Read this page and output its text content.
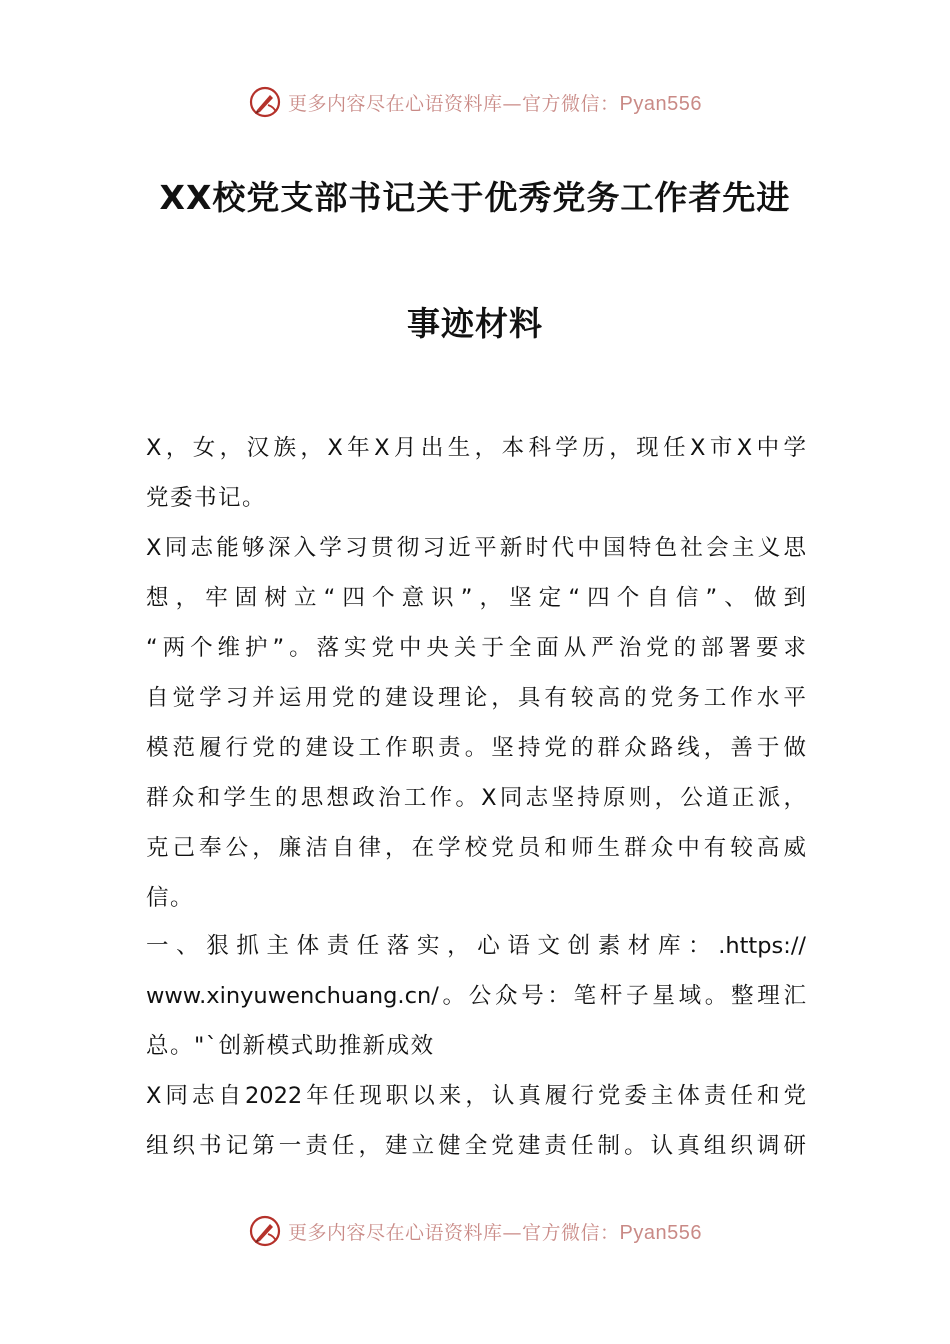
更多内容尽在心语资料库—官方微信：Pyan556
XX校党支部书记关于优秀党务工作者先进
事迹材料
X，女，汉族，X年X月出生，本科学历，现任X市X中学
党委书记。
X同志能够深入学习贯彻习近平新时代中国特色社会主义思
想，牢固树立“四个意识”，坚定“四个自信”、做到
“两个维护”。落实党中央关于全面从严治党的部署要求
自觉学习并运用党的建设理论，具有较高的党务工作水平
模范履行党的建设工作职责。坚持党的群众路线，善于做
群众和学生的思想政治工作。X同志坚持原则，公道正派，
克己奉公，廉洁自律，在学校党员和师生群众中有较高威
信。
一、狠抓主体责任落实，心语文创素材库：.https://
www.xinyuwenchuang.cn/。公众号：笔杆子星域。整理汇
总。"`创新模式助推新成效
X同志自2022年任现职以来，认真履行党委主体责任和党
组织书记第一责任，建立健全党建责任制。认真组织调研
更多内容尽在心语资料库—官方微信：Pyan556
